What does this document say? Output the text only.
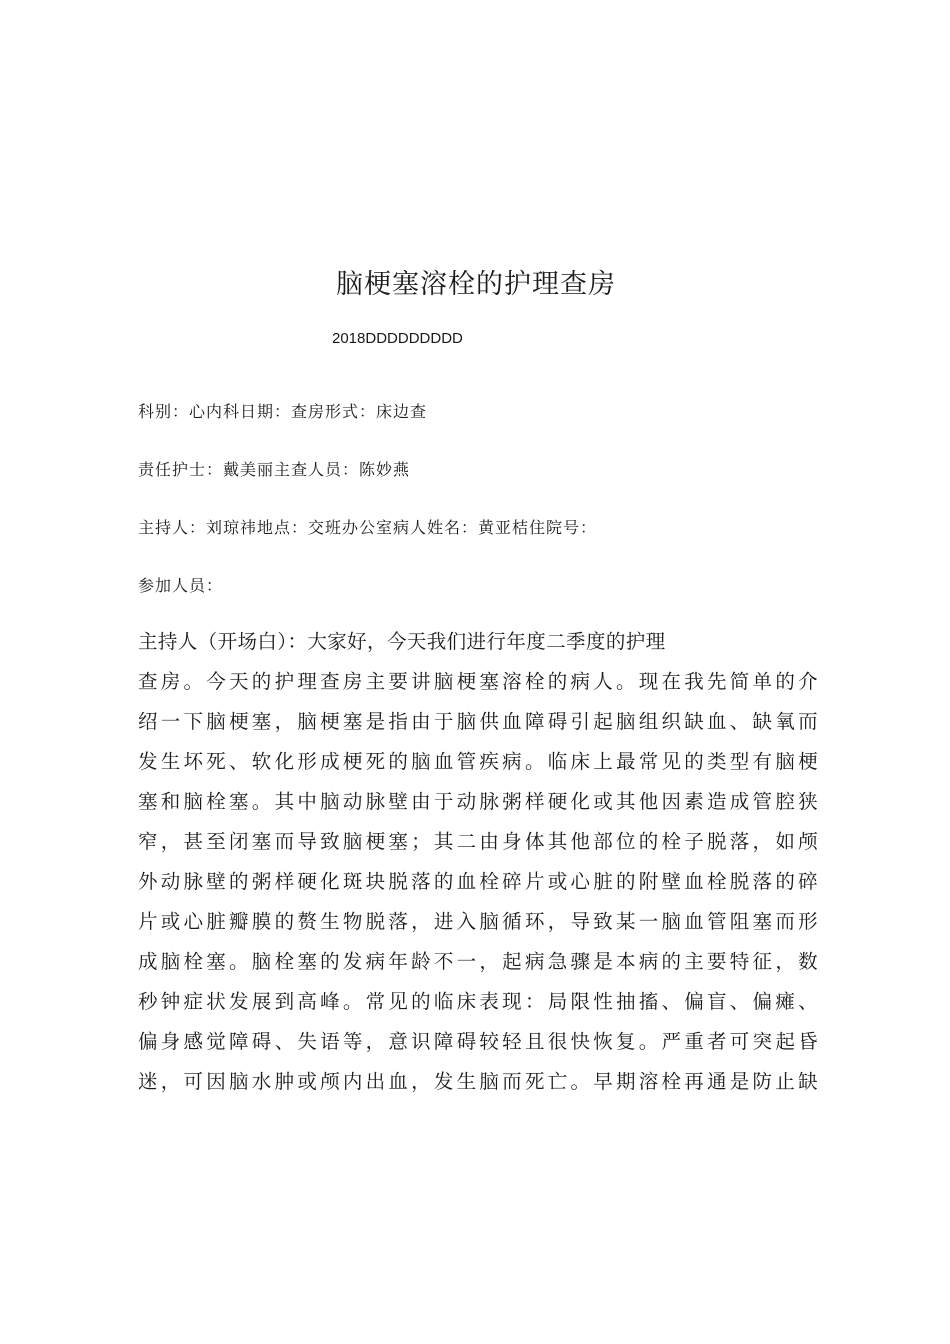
脑梗塞溶栓的护理查房
2018DDDDDDDDD
科别：心内科日期：查房形式：床边查
责任护士：戴美丽主查人员：陈妙燕
主持人：刘琼祎地点：交班办公室病人姓名：黄亚桔住院号：
参加人员：
主持人（开场白）：大家好，今天我们进行年度二季度的护理
查房。今天的护理查房主要讲脑梗塞溶栓的病人。现在我先简单的介
绍一下脑梗塞，脑梗塞是指由于脑供血障碍引起脑组织缺血、缺氧而
发生坏死、软化形成梗死的脑血管疾病。临床上最常见的类型有脑梗
塞和脑栓塞。其中脑动脉壁由于动脉粥样硬化或其他因素造成管腔狭
窄，甚至闭塞而导致脑梗塞；其二由身体其他部位的栓子脱落，如颅
外动脉壁的粥样硬化斑块脱落的血栓碎片或心脏的附壁血栓脱落的碎
片或心脏瓣膜的赘生物脱落，进入脑循环，导致某一脑血管阻塞而形
成脑栓塞。脑栓塞的发病年龄不一，起病急骤是本病的主要特征，数
秒钟症状发展到高峰。常见的临床表现：局限性抽搐、偏盲、偏瘫、
偏身感觉障碍、失语等，意识障碍较轻且很快恢复。严重者可突起昏
迷，可因脑水肿或颅内出血，发生脑而死亡。早期溶栓再通是防止缺
